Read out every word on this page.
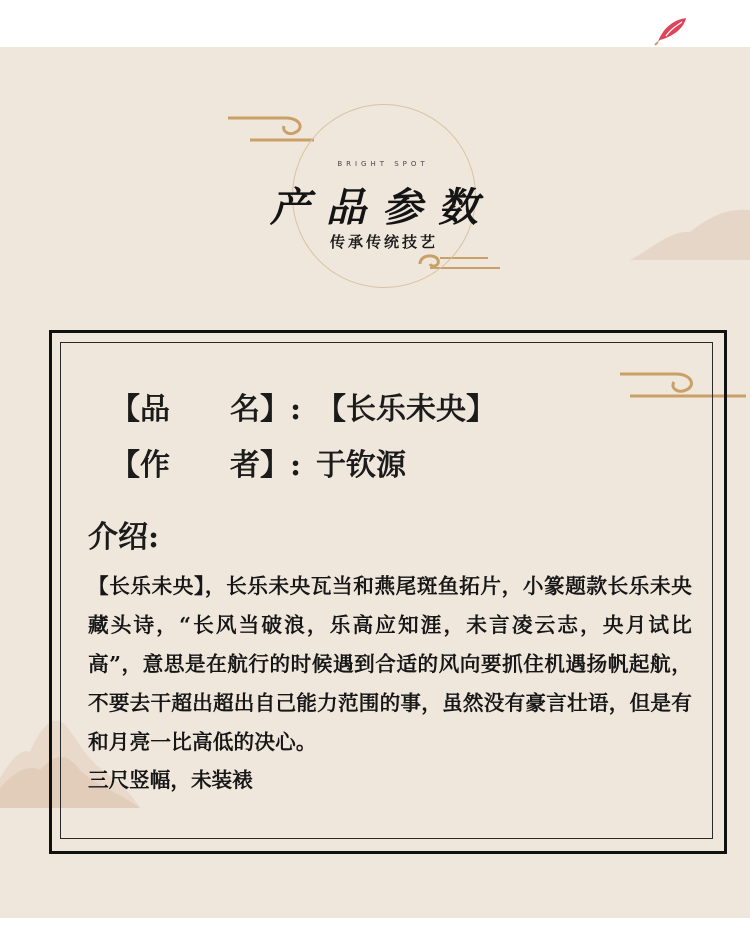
BRIGHT SPOT
产品参数
传承传统技艺
【品　　名】: 【长乐未央】
【作　　者】: 于钦源
介绍:
【长乐未央】，长乐未央瓦当和燕尾斑鱼拓片，小篆题款长乐未央藏头诗，“长风当破浪，乐高应知涯，未言凌云志，央月试比高”，意思是在航行的时候遇到合适的风向要抓住机遇扬帆起航，不要去干超出超出自己能力范围的事，虽然没有豪言壮语，但是有和月亮一比高低的决心。
三尺竖幅，未装裱
